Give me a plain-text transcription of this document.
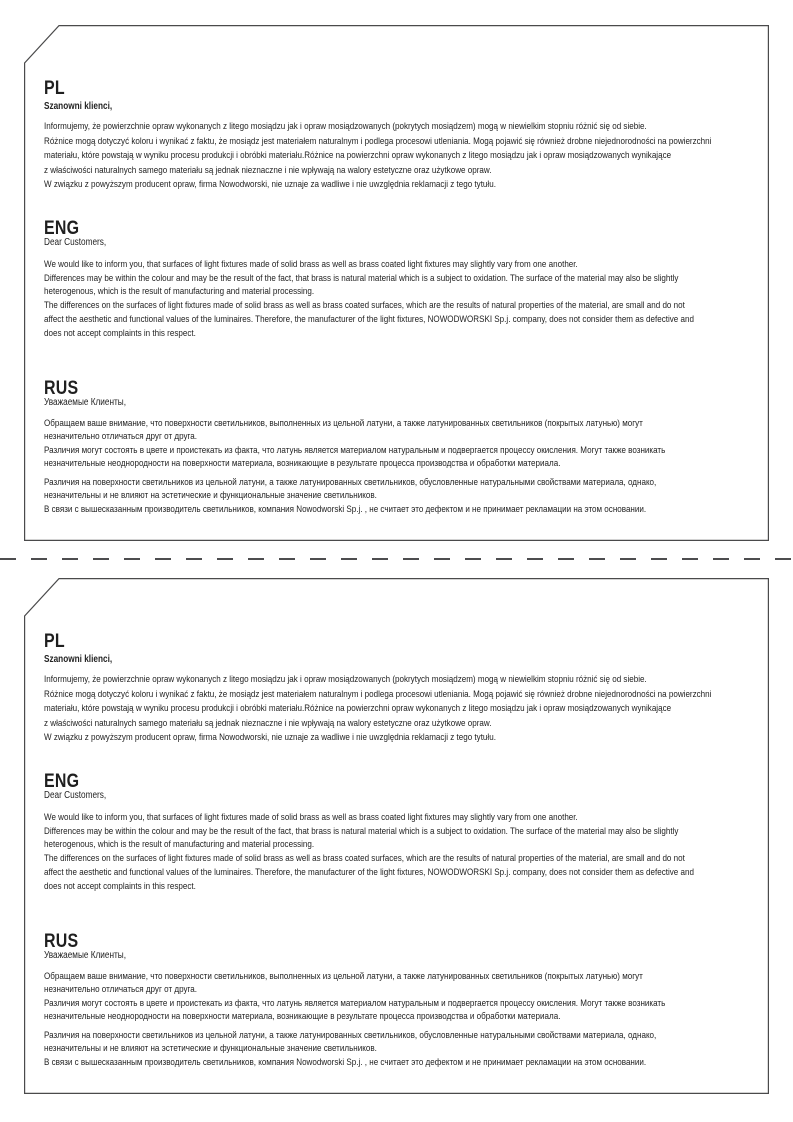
PL
Szanowni klienci,
Informujemy, że powierzchnie opraw wykonanych z litego mosiądzu jak i opraw mosiądzowanych (pokrytych mosiądzem) mogą w niewielkim stopniu różnić się od siebie.
Różnice mogą dotyczyć koloru i wynikać z faktu, że mosiądz jest materiałem naturalnym i podlega procesowi utleniania. Mogą pojawić się również drobne niejednorodności na powierzchni
materiału, które powstają w wyniku procesu produkcji i obróbki materiału.Różnice na powierzchni opraw wykonanych z litego mosiądzu jak i opraw mosiądzowanych wynikające
z właściwości naturalnych samego materiału są jednak nieznaczne i nie wpływają na walory estetyczne oraz użytkowe opraw.
W związku z powyższym producent opraw, firma Nowodworski, nie uznaje za wadliwe i nie uwzględnia reklamacji z tego tytułu.
ENG
Dear Customers,
We would like to inform you, that surfaces of light fixtures made of solid brass as well as brass coated light fixtures may slightly vary from one another.
Differences may be within the colour and may be the result of the fact, that brass is natural material which is a subject to oxidation. The surface of the material may also be slightly
heterogenous, which is the result of manufacturing and material processing.
The differences on the surfaces of light fixtures made of solid brass as well as brass coated surfaces, which are the results of natural properties of the material, are small and do not
affect the aesthetic and functional values of the luminaires. Therefore, the manufacturer of the light fixtures, NOWODWORSKI Sp.j. company, does not consider them as defective and
does not accept complaints in this respect.
RUS
Уважаемые Клиенты,
Обращаем ваше внимание, что поверхности светильников, выполненных из цельной латуни, а также латунированных светильников (покрытых латунью) могут
незначительно отличаться друг от друга.
Различия могут состоять в цвете и проистекать из факта, что латунь является материалом натуральным и подвергается процессу окисления. Могут также возникать
незначительные неоднородности на поверхности материала, возникающие в результате процесса производства и обработки материала.
Различия на поверхности светильников из цельной латуни, а также латунированных светильников, обусловленные натуральными свойствами материала, однако,
незначительны и не влияют на эстетические и функциональные значение светильников.
В связи с вышесказанным производитель светильников, компания Nowodworski Sp.j. , не считает это дефектом и не принимает рекламации на этом основании.
PL
Szanowni klienci,
Informujemy, że powierzchnie opraw wykonanych z litego mosiądzu jak i opraw mosiądzowanych (pokrytych mosiądzem) mogą w niewielkim stopniu różnić się od siebie.
Różnice mogą dotyczyć koloru i wynikać z faktu, że mosiądz jest materiałem naturalnym i podlega procesowi utleniania. Mogą pojawić się również drobne niejednorodności na powierzchni
materiału, które powstają w wyniku procesu produkcji i obróbki materiału.Różnice na powierzchni opraw wykonanych z litego mosiądzu jak i opraw mosiądzowanych wynikające
z właściwości naturalnych samego materiału są jednak nieznaczne i nie wpływają na walory estetyczne oraz użytkowe opraw.
W związku z powyższym producent opraw, firma Nowodworski, nie uznaje za wadliwe i nie uwzględnia reklamacji z tego tytułu.
ENG
Dear Customers,
We would like to inform you, that surfaces of light fixtures made of solid brass as well as brass coated light fixtures may slightly vary from one another.
Differences may be within the colour and may be the result of the fact, that brass is natural material which is a subject to oxidation. The surface of the material may also be slightly
heterogenous, which is the result of manufacturing and material processing.
The differences on the surfaces of light fixtures made of solid brass as well as brass coated surfaces, which are the results of natural properties of the material, are small and do not
affect the aesthetic and functional values of the luminaires. Therefore, the manufacturer of the light fixtures, NOWODWORSKI Sp.j. company, does not consider them as defective and
does not accept complaints in this respect.
RUS
Уважаемые Клиенты,
Обращаем ваше внимание, что поверхности светильников, выполненных из цельной латуни, а также латунированных светильников (покрытых латунью) могут
незначительно отличаться друг от друга.
Различия могут состоять в цвете и проистекать из факта, что латунь является материалом натуральным и подвергается процессу окисления. Могут также возникать
незначительные неоднородности на поверхности материала, возникающие в результате процесса производства и обработки материала.
Различия на поверхности светильников из цельной латуни, а также латунированных светильников, обусловленные натуральными свойствами материала, однако,
незначительны и не влияют на эстетические и функциональные значение светильников.
В связи с вышесказанным производитель светильников, компания Nowodworski Sp.j. , не считает это дефектом и не принимает рекламации на этом основании.
